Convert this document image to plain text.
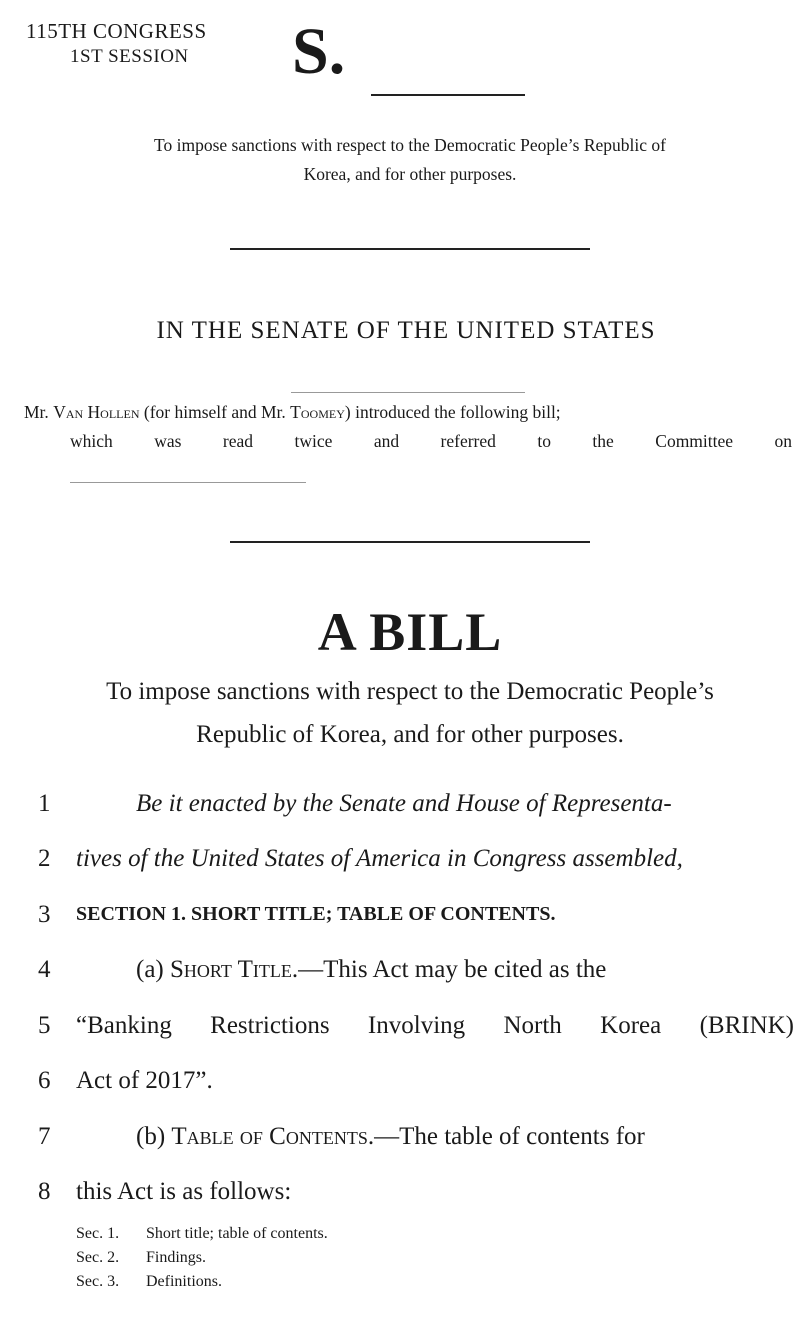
115TH CONGRESS
1ST SESSION S.
To impose sanctions with respect to the Democratic People’s Republic of
Korea, and for other purposes.
IN THE SENATE OF THE UNITED STATES
Mr. Van Hollen (for himself and Mr. Toomey) introduced the following bill;
which was read twice and referred to the Committee on
A BILL
To impose sanctions with respect to the Democratic People’s
Republic of Korea, and for other purposes.
1	Be it enacted by the Senate and House of Representa-
2	tives of the United States of America in Congress assembled,
3	SECTION 1. SHORT TITLE; TABLE OF CONTENTS.
4	(a) Short Title.—This Act may be cited as the
5	“Banking Restrictions Involving North Korea (BRINK)
6	Act of 2017”.
7	(b) Table of Contents.—The table of contents for
8	this Act is as follows:
Sec. 1.	Short title; table of contents.
Sec. 2.	Findings.
Sec. 3.	Definitions.
